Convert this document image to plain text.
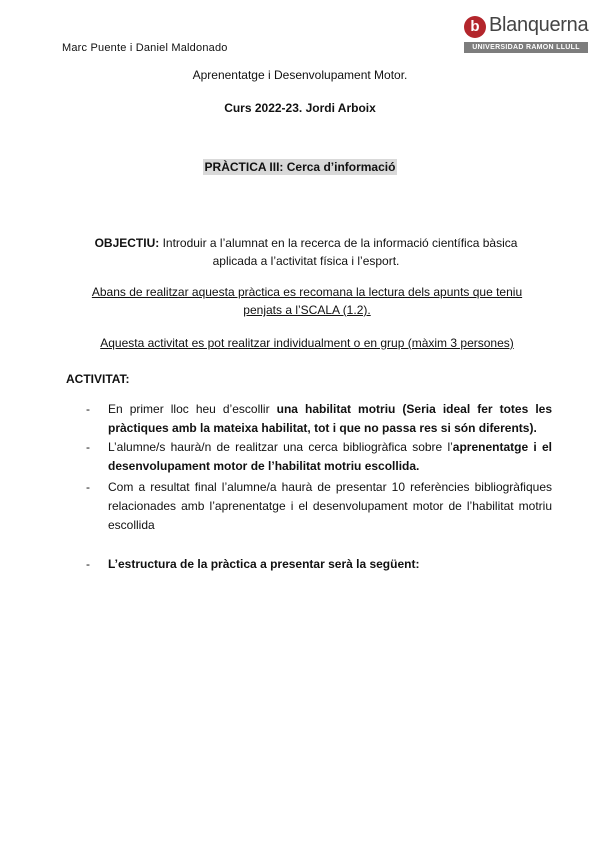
Marc Puente i Daniel Maldonado
b Blanquerna
UNIVERSIDAD RAMON LLULL
Aprenentatge i Desenvolupament Motor.
Curs 2022-23. Jordi Arboix
PRÀCTICA III: Cerca d’informació
OBJECTIU: Introduir a l’alumnat en la recerca de la informació científica bàsica aplicada a l’activitat física i l’esport.
Abans de realitzar aquesta pràctica es recomana la lectura dels apunts que teniu penjats a l’SCALA (1.2).
Aquesta activitat es pot realitzar individualment o en grup (màxim 3 persones)
ACTIVITAT:
-	En primer lloc heu d’escollir una habilitat motriu (Seria ideal fer totes les pràctiques amb la mateixa habilitat, tot i que no passa res si són diferents).
-	L’alumne/s haurà/n de realitzar una cerca bibliogràfica sobre l’aprenentatge i el desenvolupament motor de l’habilitat motriu escollida.
-	Com a resultat final l’alumne/a haurà de presentar 10 referències bibliogràfiques relacionades amb l’aprenentatge i el desenvolupament motor de l’habilitat motriu escollida
-	L’estructura de la pràctica a presentar serà la següent:
